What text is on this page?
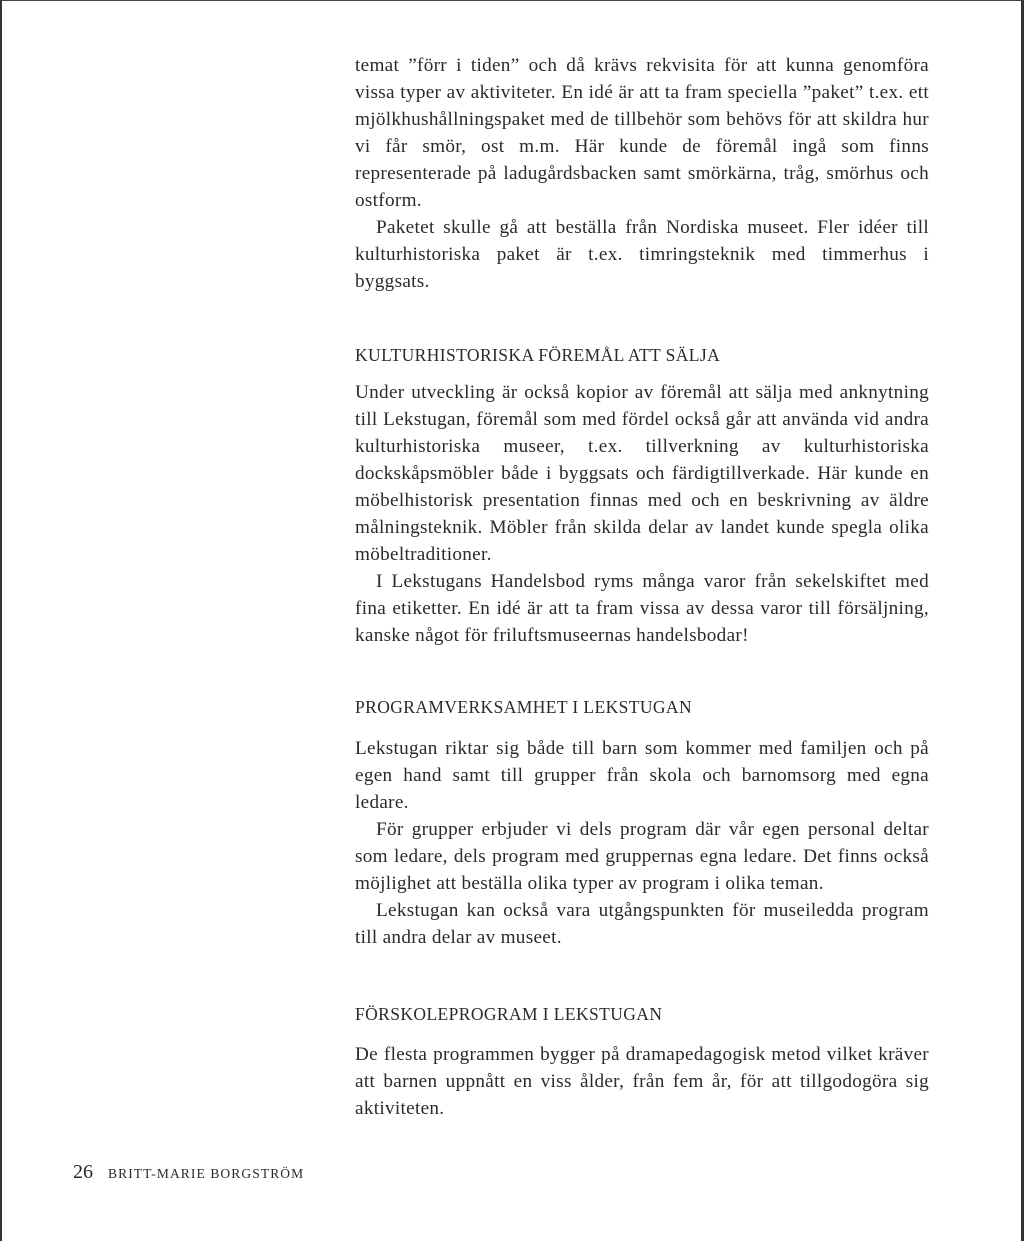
temat ”förr i tiden” och då krävs rekvisita för att kunna genomföra vissa typer av aktiviteter. En idé är att ta fram speciella ”paket” t.ex. ett mjölkhushållningspaket med de tillbehör som behövs för att skildra hur vi får smör, ost m.m. Här kunde de föremål ingå som finns representerade på ladugårdsbacken samt smörkärna, tråg, smörhus och ostform.

Paketet skulle gå att beställa från Nordiska museet. Fler idéer till kulturhistoriska paket är t.ex. timringsteknik med timmerhus i byggsats.

KULTURHISTORISKA FÖREMÅL ATT SÄLJA

Under utveckling är också kopior av föremål att sälja med anknytning till Lekstugan, föremål som med fördel också går att använda vid andra kulturhistoriska museer, t.ex. tillverkning av kulturhistoriska dockskåpsmöbler både i byggsats och färdigtillverkade. Här kunde en möbelhistorisk presentation finnas med och en beskrivning av äldre målningsteknik. Möbler från skilda delar av landet kunde spegla olika möbeltraditioner.

I Lekstugans Handelsbod ryms många varor från sekelskiftet med fina etiketter. En idé är att ta fram vissa av dessa varor till försäljning, kanske något för friluftsmuseernas handelsbodar!

PROGRAMVERKSAMHET I LEKSTUGAN

Lekstugan riktar sig både till barn som kommer med familjen och på egen hand samt till grupper från skola och barnomsorg med egna ledare.

För grupper erbjuder vi dels program där vår egen personal deltar som ledare, dels program med gruppernas egna ledare. Det finns också möjlighet att beställa olika typer av program i olika teman.

Lekstugan kan också vara utgångspunkten för museiledda program till andra delar av museet.

FÖRSKOLEPROGRAM I LEKSTUGAN

De flesta programmen bygger på dramapedagogisk metod vilket kräver att barnen uppnått en viss ålder, från fem år, för att tillgodogöra sig aktiviteten.

26 BRITT-MARIE BORGSTRÖM
